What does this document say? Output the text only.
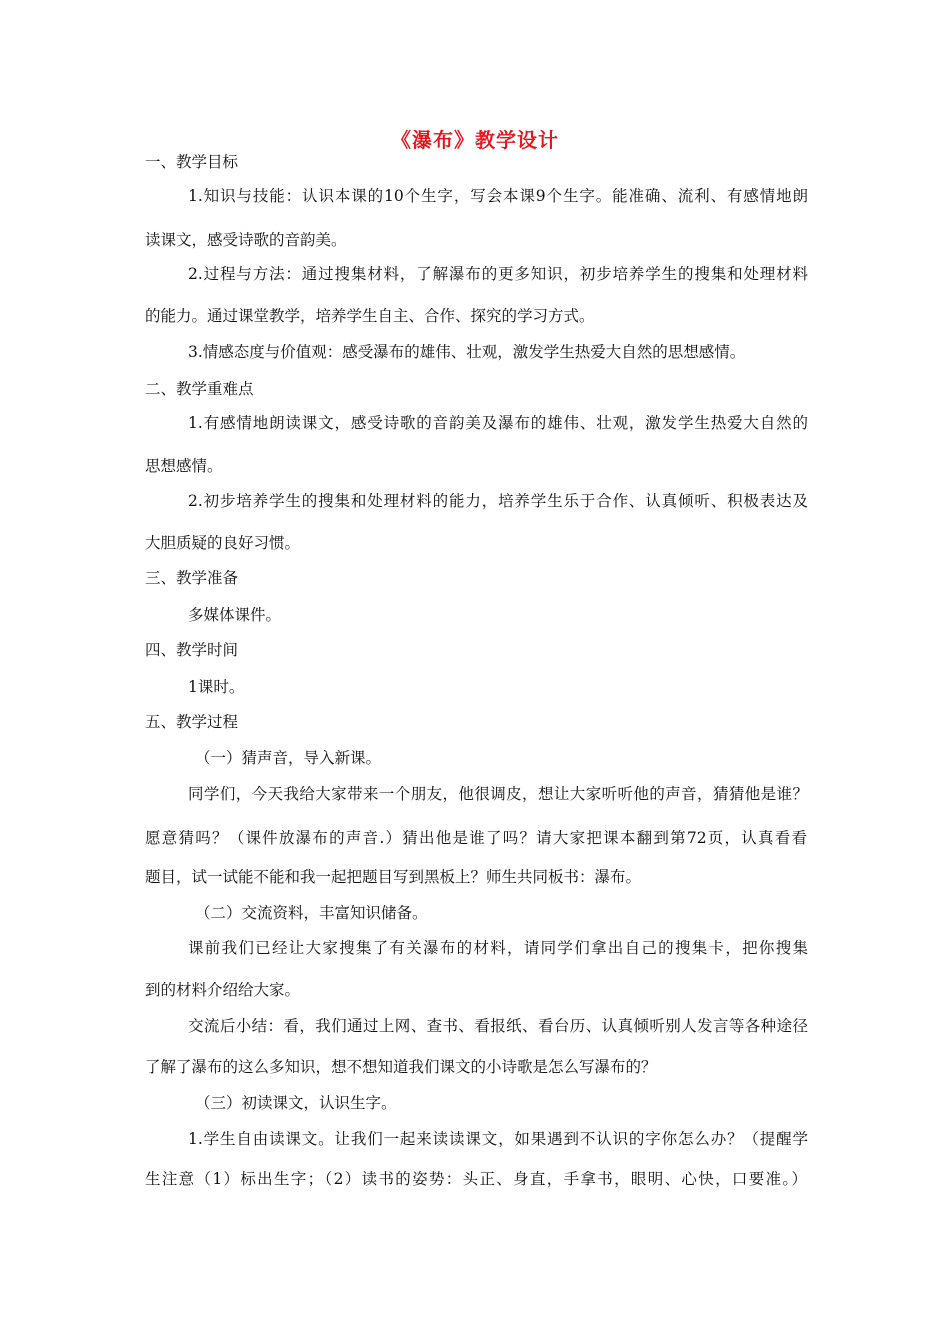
《瀑布》教学设计
一、教学目标
1.知识与技能：认识本课的10个生字，写会本课9个生字。能准确、流利、有感情地朗
读课文，感受诗歌的音韵美。
2.过程与方法：通过搜集材料，了解瀑布的更多知识，初步培养学生的搜集和处理材料
的能力。通过课堂教学，培养学生自主、合作、探究的学习方式。
3.情感态度与价值观：感受瀑布的雄伟、壮观，激发学生热爱大自然的思想感情。
二、教学重难点
1.有感情地朗读课文，感受诗歌的音韵美及瀑布的雄伟、壮观，激发学生热爱大自然的
思想感情。
2.初步培养学生的搜集和处理材料的能力，培养学生乐于合作、认真倾听、积极表达及
大胆质疑的良好习惯。
三、教学准备
多媒体课件。
四、教学时间
1课时。
五、教学过程
（一）猜声音，导入新课。
同学们，今天我给大家带来一个朋友，他很调皮，想让大家听听他的声音，猜猜他是谁？
愿意猜吗？（课件放瀑布的声音.）猜出他是谁了吗？请大家把课本翻到第72页，认真看看
题目，试一试能不能和我一起把题目写到黑板上？师生共同板书：瀑布。
（二）交流资料，丰富知识储备。
课前我们已经让大家搜集了有关瀑布的材料，请同学们拿出自己的搜集卡，把你搜集
到的材料介绍给大家。
交流后小结：看，我们通过上网、查书、看报纸、看台历、认真倾听别人发言等各种途径
了解了瀑布的这么多知识，想不想知道我们课文的小诗歌是怎么写瀑布的？
（三）初读课文，认识生字。
1.学生自由读课文。让我们一起来读读课文，如果遇到不认识的字你怎么办？（提醒学
生注意（1）标出生字；（2）读书的姿势：头正、身直，手拿书，眼明、心快，口要准。）
